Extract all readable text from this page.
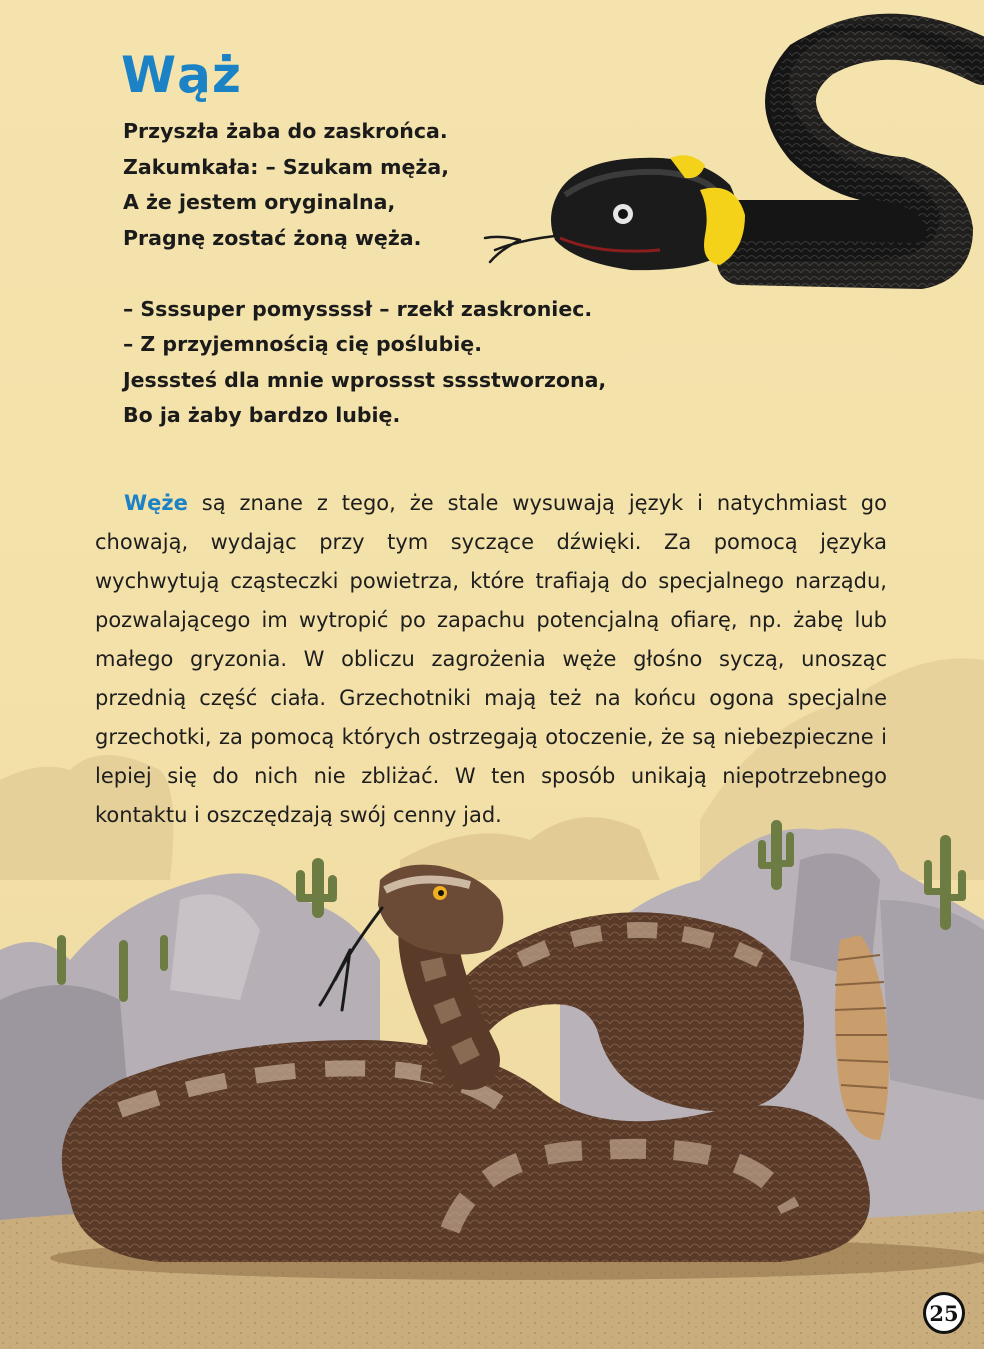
Wąż
Przyszła żaba do zaskrońca.
Zakumkała: – Szukam męża,
A że jestem oryginalna,
Pragnę zostać żoną węża.
– Ssssuper pomyssssł – rzekł zaskroniec.
– Z przyjemnością cię poślubię.
Jesssteś dla mnie wprossst sssstworzona,
Bo ja żaby bardzo lubię.

Węże są znane z tego, że stale wysuwają język i natychmiast go chowają, wydając przy tym syczące dźwięki. Za pomocą języka wychwytują cząsteczki powietrza, które trafiają do specjalnego narządu, pozwalającego im wytropić po zapachu potencjalną ofiarę, np. żabę lub małego gryzonia. W obliczu zagrożenia węże głośno syczą, unosząc przednią część ciała. Grzechotniki mają też na końcu ogona specjalne grzechotki, za pomocą których ostrzegają otoczenie, że są niebezpieczne i lepiej się do nich nie zbliżać. W ten sposób unikają niepotrzebnego kontaktu i oszczędzają swój cenny jad.

25
